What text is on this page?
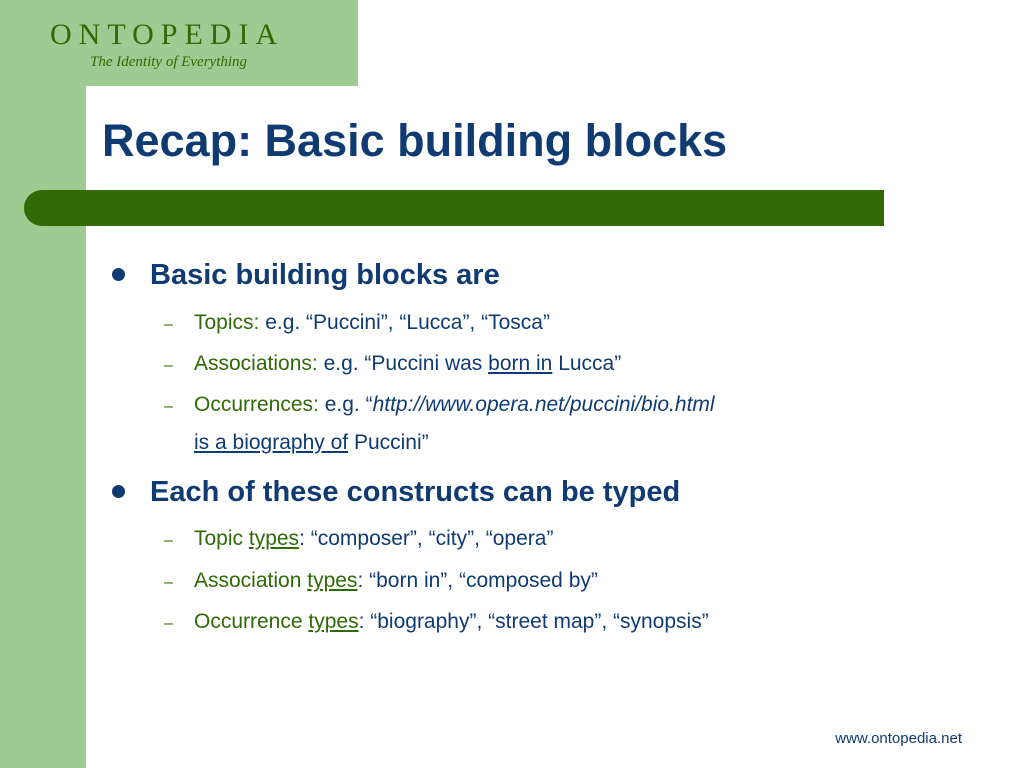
ONTOPEDIA
The Identity of Everything
Recap: Basic building blocks
Basic building blocks are
– Topics: e.g. “Puccini”, “Lucca”, “Tosca”
– Associations: e.g. “Puccini was born in Lucca”
– Occurrences: e.g. “http://www.opera.net/puccini/bio.html
is a biography of Puccini”
Each of these constructs can be typed
– Topic types: “composer”, “city”, “opera”
– Association types: “born in”, “composed by”
– Occurrence types: “biography”, “street map”, “synopsis”
www.ontopedia.net
